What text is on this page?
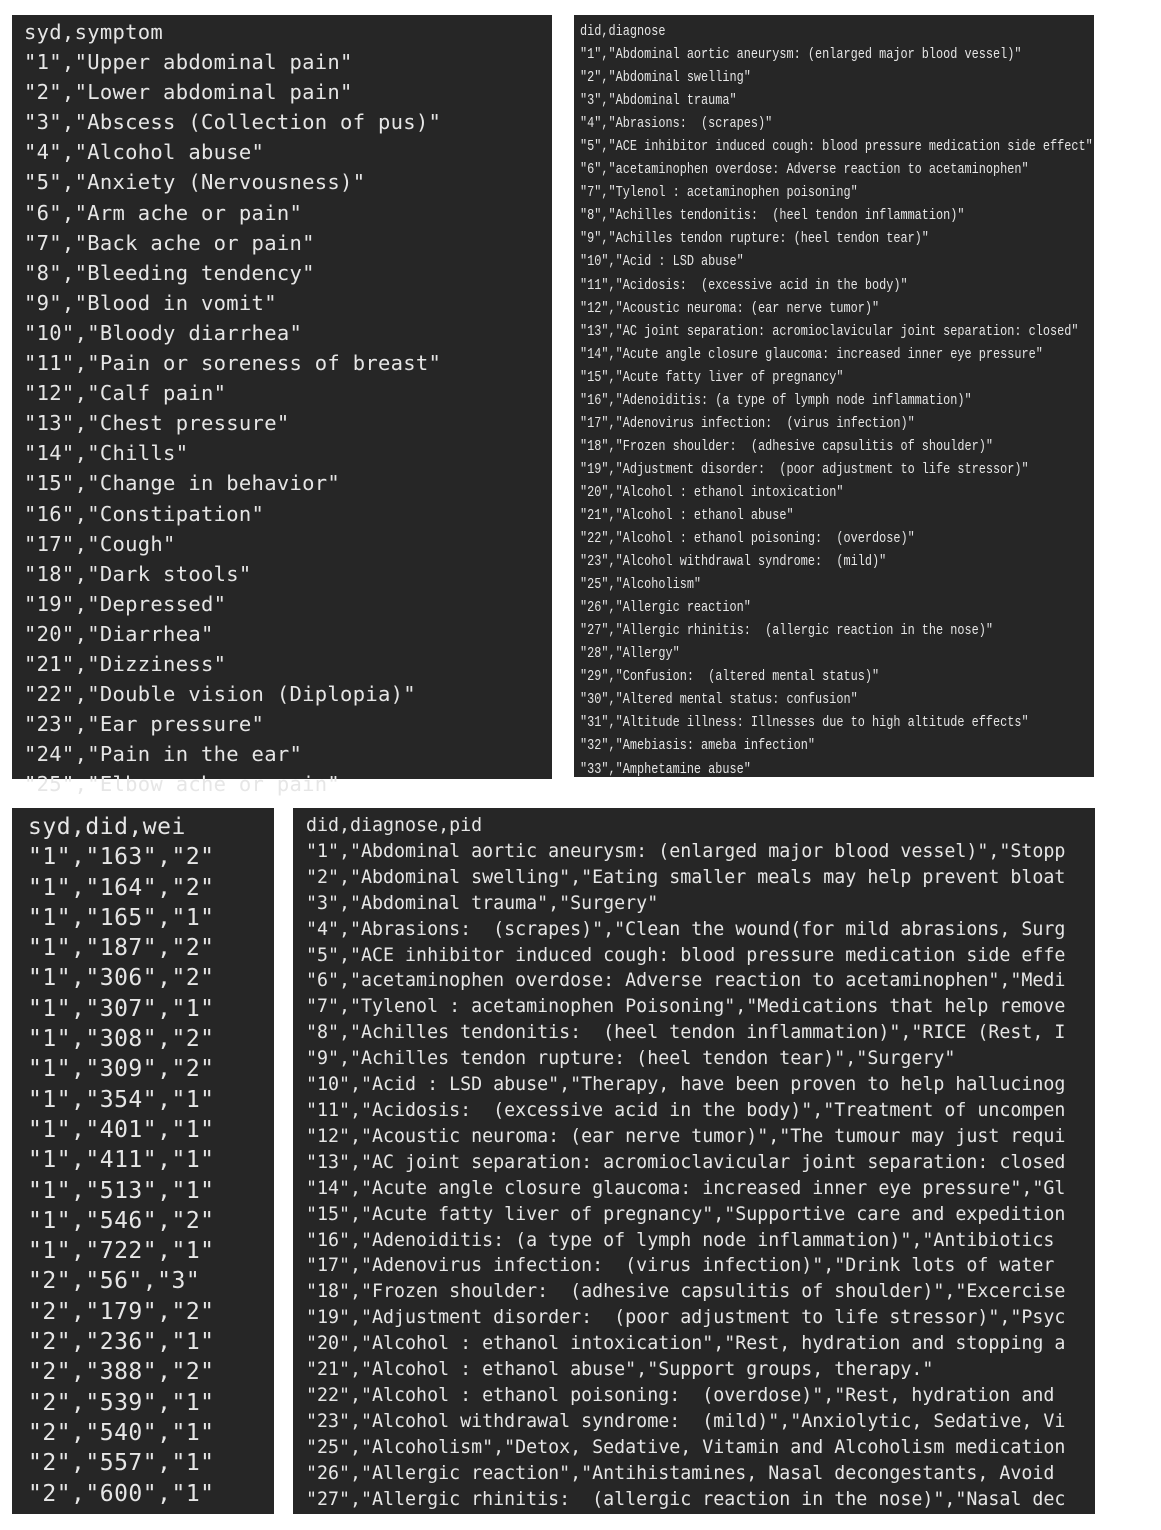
syd,symptom
"1","Upper abdominal pain"
"2","Lower abdominal pain"
"3","Abscess (Collection of pus)"
"4","Alcohol abuse"
"5","Anxiety (Nervousness)"
"6","Arm ache or pain"
"7","Back ache or pain"
"8","Bleeding tendency"
"9","Blood in vomit"
"10","Bloody diarrhea"
"11","Pain or soreness of breast"
"12","Calf pain"
"13","Chest pressure"
"14","Chills"
"15","Change in behavior"
"16","Constipation"
"17","Cough"
"18","Dark stools"
"19","Depressed"
"20","Diarrhea"
"21","Dizziness"
"22","Double vision (Diplopia)"
"23","Ear pressure"
"24","Pain in the ear"
"25","Elbow ache or pain"
did,diagnose
"1","Abdominal aortic aneurysm: (enlarged major blood vessel)"
"2","Abdominal swelling"
"3","Abdominal trauma"
"4","Abrasions:  (scrapes)"
"5","ACE inhibitor induced cough: blood pressure medication side effect"
"6","acetaminophen overdose: Adverse reaction to acetaminophen"
"7","Tylenol : acetaminophen poisoning"
"8","Achilles tendonitis:  (heel tendon inflammation)"
"9","Achilles tendon rupture: (heel tendon tear)"
"10","Acid : LSD abuse"
"11","Acidosis:  (excessive acid in the body)"
"12","Acoustic neuroma: (ear nerve tumor)"
"13","AC joint separation: acromioclavicular joint separation: closed"
"14","Acute angle closure glaucoma: increased inner eye pressure"
"15","Acute fatty liver of pregnancy"
"16","Adenoiditis: (a type of lymph node inflammation)"
"17","Adenovirus infection:  (virus infection)"
"18","Frozen shoulder:  (adhesive capsulitis of shoulder)"
"19","Adjustment disorder:  (poor adjustment to life stressor)"
"20","Alcohol : ethanol intoxication"
"21","Alcohol : ethanol abuse"
"22","Alcohol : ethanol poisoning:  (overdose)"
"23","Alcohol withdrawal syndrome:  (mild)"
"25","Alcoholism"
"26","Allergic reaction"
"27","Allergic rhinitis:  (allergic reaction in the nose)"
"28","Allergy"
"29","Confusion:  (altered mental status)"
"30","Altered mental status: confusion"
"31","Altitude illness: Illnesses due to high altitude effects"
"32","Amebiasis: ameba infection"
"33","Amphetamine abuse"
syd,did,wei
"1","163","2"
"1","164","2"
"1","165","1"
"1","187","2"
"1","306","2"
"1","307","1"
"1","308","2"
"1","309","2"
"1","354","1"
"1","401","1"
"1","411","1"
"1","513","1"
"1","546","2"
"1","722","1"
"2","56","3"
"2","179","2"
"2","236","1"
"2","388","2"
"2","539","1"
"2","540","1"
"2","557","1"
"2","600","1"
did,diagnose,pid
"1","Abdominal aortic aneurysm: (enlarged major blood vessel)","Stopp
"2","Abdominal swelling","Eating smaller meals may help prevent bloat
"3","Abdominal trauma","Surgery"
"4","Abrasions:  (scrapes)","Clean the wound(for mild abrasions, Surg
"5","ACE inhibitor induced cough: blood pressure medication side effe
"6","acetaminophen overdose: Adverse reaction to acetaminophen","Medi
"7","Tylenol : acetaminophen Poisoning","Medications that help remove
"8","Achilles tendonitis:  (heel tendon inflammation)","RICE (Rest, I
"9","Achilles tendon rupture: (heel tendon tear)","Surgery"
"10","Acid : LSD abuse","Therapy, have been proven to help hallucinog
"11","Acidosis:  (excessive acid in the body)","Treatment of uncompen
"12","Acoustic neuroma: (ear nerve tumor)","The tumour may just requi
"13","AC joint separation: acromioclavicular joint separation: closed
"14","Acute angle closure glaucoma: increased inner eye pressure","Gl
"15","Acute fatty liver of pregnancy","Supportive care and expedition
"16","Adenoiditis: (a type of lymph node inflammation)","Antibiotics
"17","Adenovirus infection:  (virus infection)","Drink lots of water
"18","Frozen shoulder:  (adhesive capsulitis of shoulder)","Excercise
"19","Adjustment disorder:  (poor adjustment to life stressor)","Psyc
"20","Alcohol : ethanol intoxication","Rest, hydration and stopping a
"21","Alcohol : ethanol abuse","Support groups, therapy."
"22","Alcohol : ethanol poisoning:  (overdose)","Rest, hydration and
"23","Alcohol withdrawal syndrome:  (mild)","Anxiolytic, Sedative, Vi
"25","Alcoholism","Detox, Sedative, Vitamin and Alcoholism medication
"26","Allergic reaction","Antihistamines, Nasal decongestants, Avoid
"27","Allergic rhinitis:  (allergic reaction in the nose)","Nasal dec
